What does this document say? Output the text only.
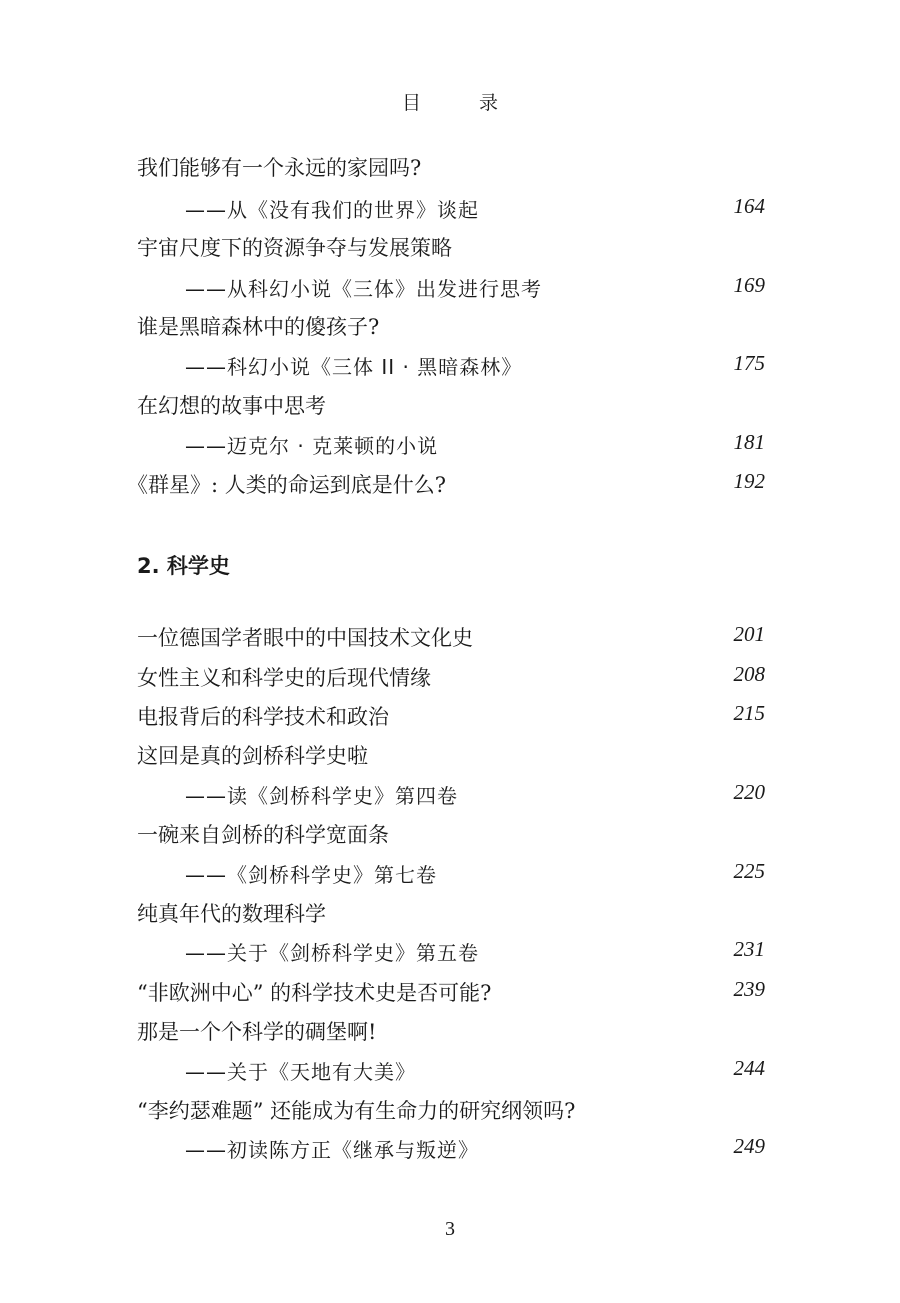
目 录
我们能够有一个永远的家园吗?
——从《没有我们的世界》谈起	164
宇宙尺度下的资源争夺与发展策略
——从科幻小说《三体》出发进行思考	169
谁是黑暗森林中的傻孩子?
——科幻小说《三体 II · 黑暗森林》	175
在幻想的故事中思考
——迈克尔 · 克莱顿的小说	181
《群星》: 人类的命运到底是什么?	192
2. 科学史
一位德国学者眼中的中国技术文化史	201
女性主义和科学史的后现代情缘	208
电报背后的科学技术和政治	215
这回是真的剑桥科学史啦
——读《剑桥科学史》第四卷	220
一碗来自剑桥的科学宽面条
——《剑桥科学史》第七卷	225
纯真年代的数理科学
——关于《剑桥科学史》第五卷	231
“非欧洲中心” 的科学技术史是否可能?	239
那是一个个科学的碉堡啊!
——关于《天地有大美》	244
“李约瑟难题” 还能成为有生命力的研究纲领吗?
——初读陈方正《继承与叛逆》	249
3
